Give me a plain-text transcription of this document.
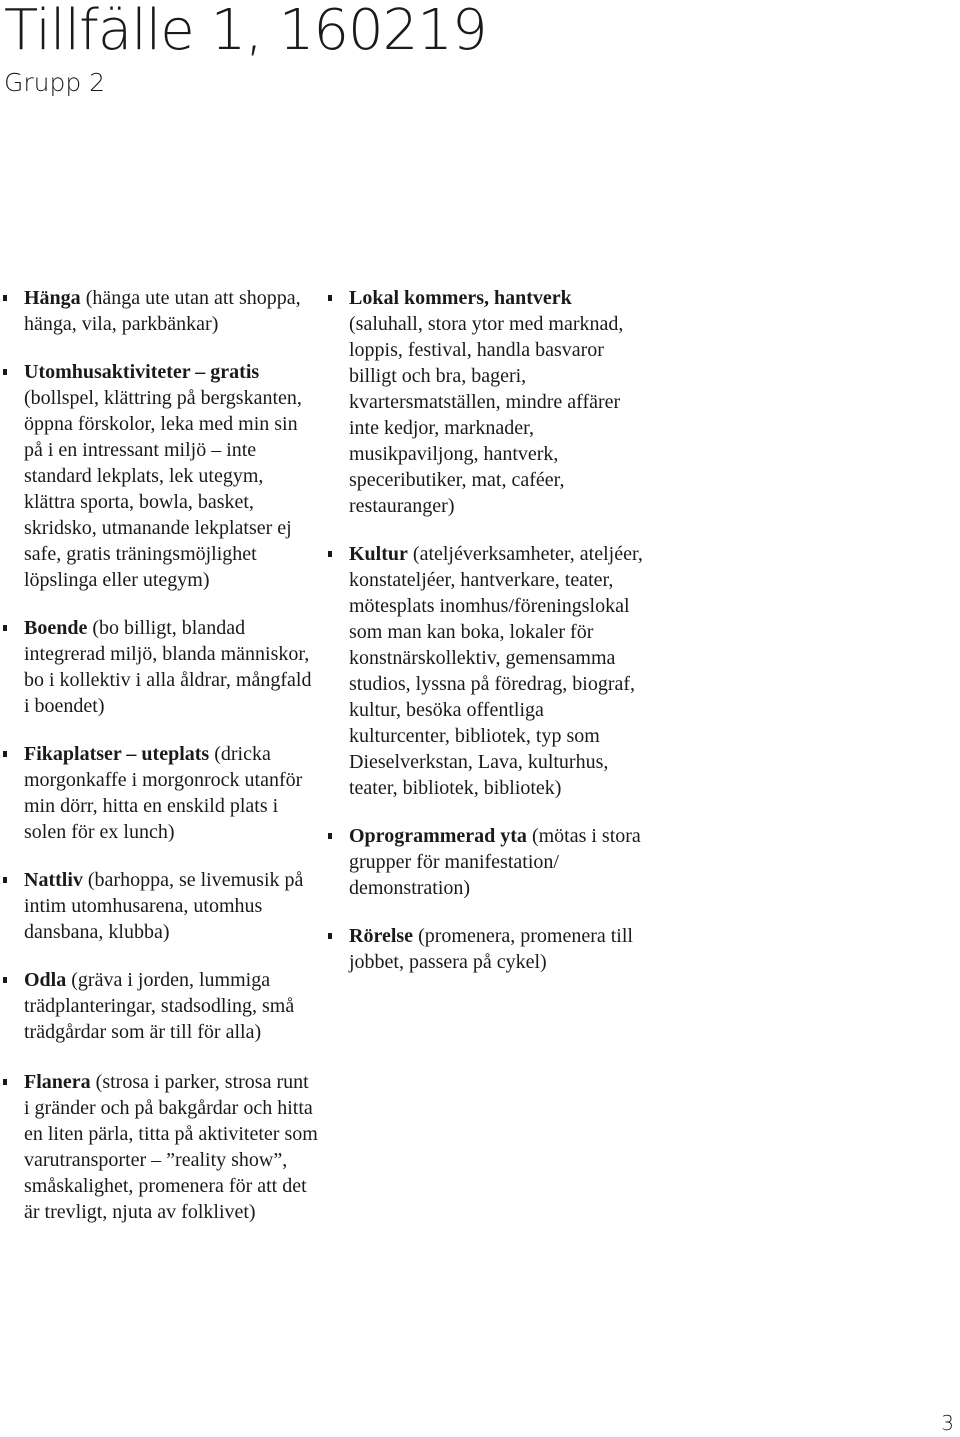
Tillfälle 1, 160219
Grupp 2
Hänga (hänga ute utan att shoppa, hänga, vila, parkbänkar)
Utomhusaktiviteter – gratis (bollspel, klättring på bergskanten, öppna förskolor, leka med min sin på i en intressant miljö – inte standard lekplats, lek utegym, klättra sporta, bowla, basket, skridsko, utmanande lekplatser ej safe, gratis träningsmöjlighet löpslinga eller utegym)
Boende (bo billigt, blandad integrerad miljö, blanda människor, bo i kollektiv i alla åldrar, mångfald i boendet)
Fikaplatser – uteplats (dricka morgonkaffe i morgonrock utanför min dörr, hitta en enskild plats i solen för ex lunch)
Nattliv (barhoppa, se livemusik på intim utomhusarena, utomhus dansbana, klubba)
Odla (gräva i jorden, lummiga trädplanteringar, stadsodling, små trädgårdar som är till för alla)
Flanera (strosa i parker, strosa runt i gränder och på bakgårdar och hitta en liten pärla, titta på aktiviteter som varutransporter – ”reality show”, småskalighet, promenera för att det är trevligt, njuta av folklivet)
Lokal kommers, hantverk (saluhall, stora ytor med marknad, loppis, festival, handla basvaror billigt och bra, bageri, kvartersmatställen, mindre affärer inte kedjor, marknader, musikpaviljong, hantverk, speceributiker, mat, caféer, restauranger)
Kultur (ateljéverksamheter, ateljéer, konstateljéer, hantverkare, teater, mötesplats inomhus/föreningslokal som man kan boka, lokaler för konstnärskollektiv, gemensamma studios, lyssna på föredrag, biograf, kultur, besöka offentliga kulturcenter, bibliotek, typ som Dieselverkstan, Lava, kulturhus, teater, bibliotek, bibliotek)
Oprogrammerad yta (mötas i stora grupper för manifestation/ demonstration)
Rörelse (promenera, promenera till jobbet, passera på cykel)
3
